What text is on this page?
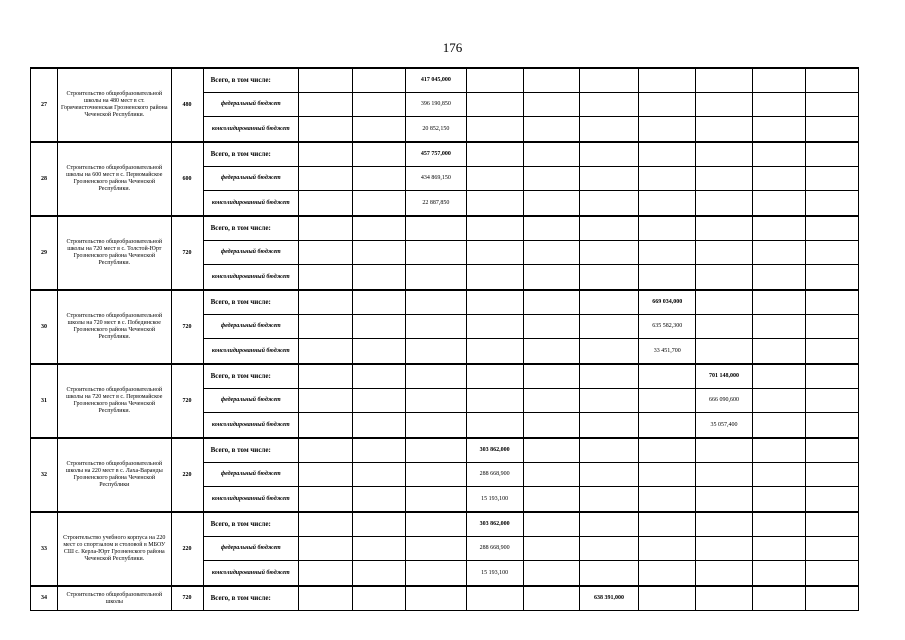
176
27	Строительство общеобразовательной школы на 480 мест в ст. Горячеисточненская Грозненского района Чеченской Республики.	480	Всего, в том числе:			417 045,000							
			федеральный бюджет			396 190,850							
			консолидированный бюджет			20 852,150							
28	Строительство общеобразовательной школы на 600 мест в с. Первомайское Грозненского района Чеченской Республики.	600	Всего, в том числе:			457 757,000							
			федеральный бюджет			434 869,150							
			консолидированный бюджет			22 887,850							
29	Строительство общеобразовательной школы на 720 мест в с. Толстой-Юрт Грозненского района Чеченской Республики.	720	Всего, в том числе:										
			федеральный бюджет										
			консолидированный бюджет										
30	Строительство общеобразовательной школы на 720 мест в с. Побединское Грозненского района Чеченской Республики.	720	Всего, в том числе:							669 034,000			
			федеральный бюджет							635 582,300			
			консолидированный бюджет							33 451,700			
31	Строительство общеобразовательной школы на 720 мест в с. Первомайское Грозненского района Чеченской Республики.	720	Всего, в том числе:								701 148,000		
			федеральный бюджет								666 090,600		
			консолидированный бюджет								35 057,400		
32	Строительство общеобразовательной школы на 220 мест в с. Лаха-Варанды Грозненского района Чеченской Республики	220	Всего, в том числе:				303 862,000						
			федеральный бюджет				288 668,900						
			консолидированный бюджет				15 193,100						
33	Строительство учебного корпуса на 220 мест со спортзалом и столовой в МБОУ СШ с. Керла-Юрт Грозненского района Чеченской Республики.	220	Всего, в том числе:				303 862,000						
			федеральный бюджет				288 668,900						
			консолидированный бюджет				15 193,100						
34	Строительство общеобразовательной школы	720	Всего, в том числе:						638 391,000				
